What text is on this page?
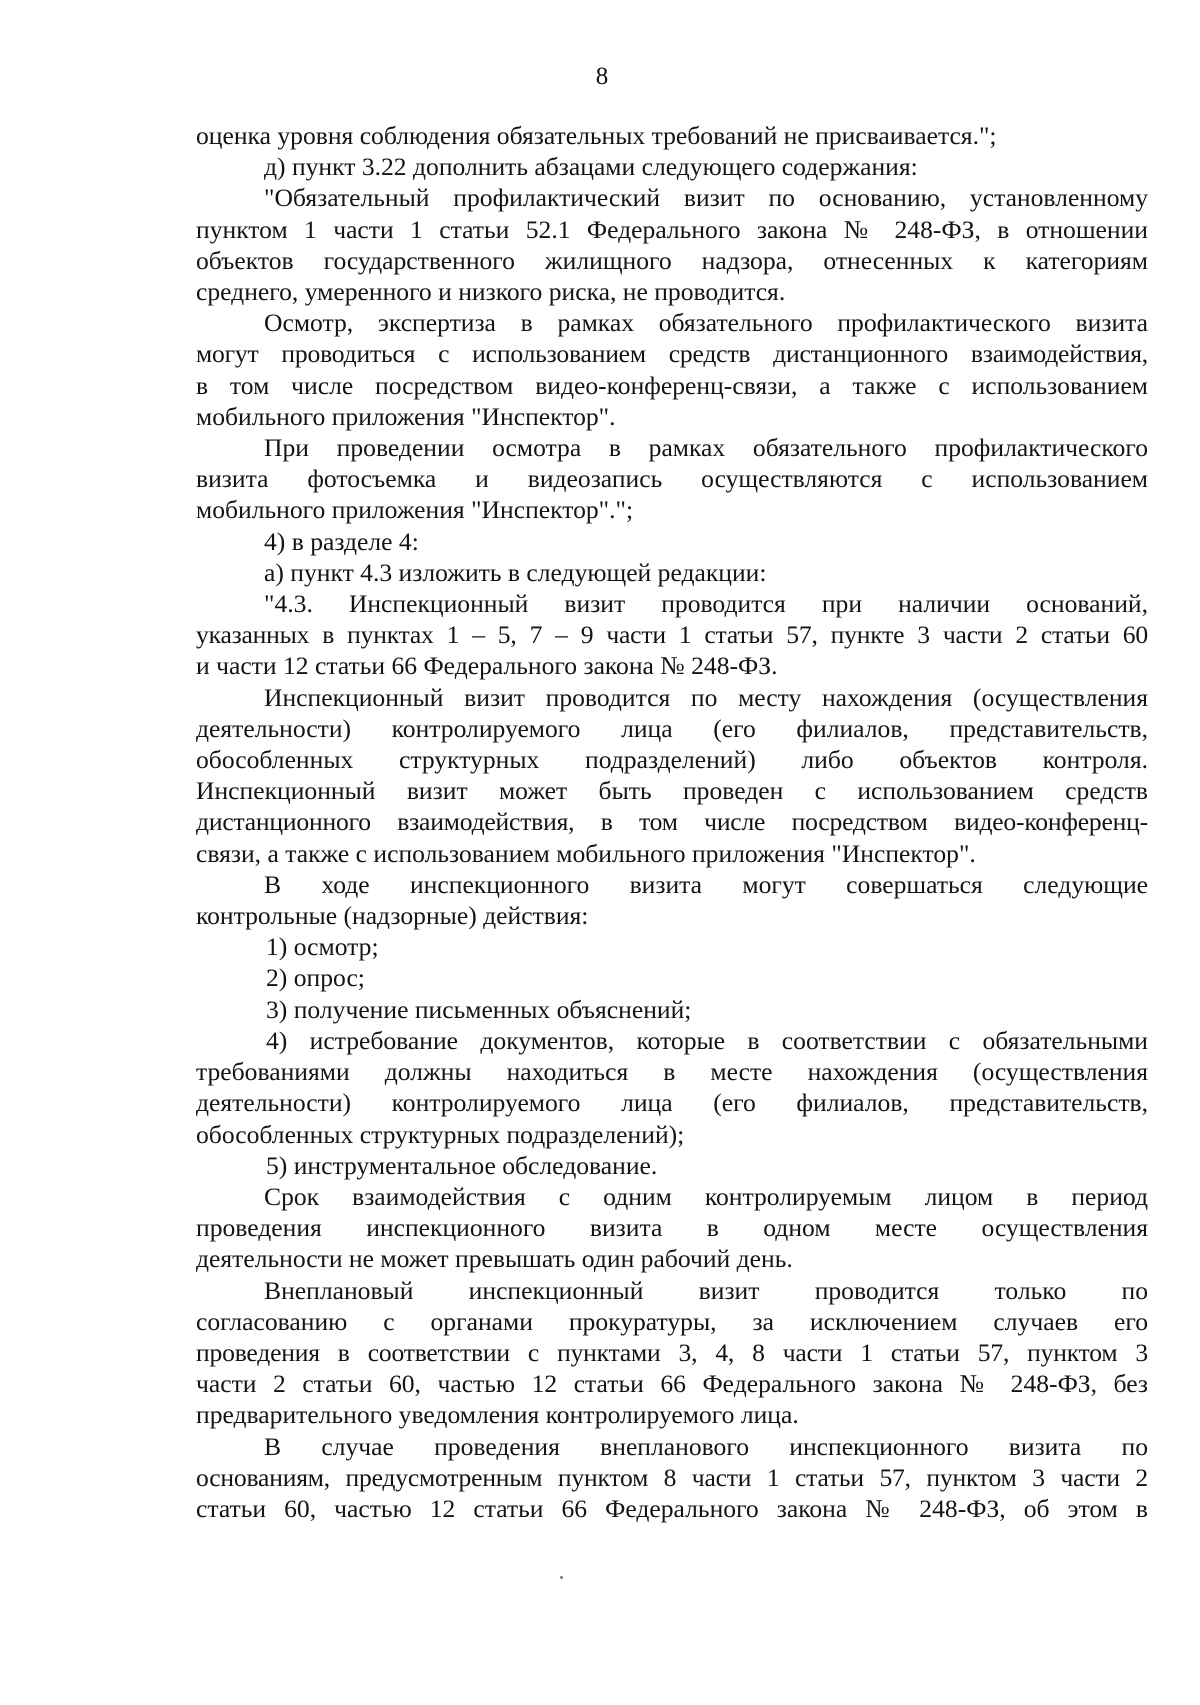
8
оценка уровня соблюдения обязательных требований не присваивается.";
д) пункт 3.22 дополнить абзацами следующего содержания:
"Обязательный профилактический визит по основанию, установленному
пунктом 1 части 1 статьи 52.1 Федерального закона № 248-ФЗ, в отношении
объектов государственного жилищного надзора, отнесенных к категориям
среднего, умеренного и низкого риска, не проводится.
Осмотр, экспертиза в рамках обязательного профилактического визита
могут проводиться с использованием средств дистанционного взаимодействия,
в том числе посредством видео-конференц-связи, а также с использованием
мобильного приложения "Инспектор".
При проведении осмотра в рамках обязательного профилактического
визита фотосъемка и видеозапись осуществляются с использованием
мобильного приложения "Инспектор".";
4) в разделе 4:
а) пункт 4.3 изложить в следующей редакции:
"4.3. Инспекционный визит проводится при наличии оснований,
указанных в пунктах 1 – 5, 7 – 9 части 1 статьи 57, пункте 3 части 2 статьи 60
и части 12 статьи 66 Федерального закона № 248-ФЗ.
Инспекционный визит проводится по месту нахождения (осуществления
деятельности) контролируемого лица (его филиалов, представительств,
обособленных структурных подразделений) либо объектов контроля.
Инспекционный визит может быть проведен с использованием средств
дистанционного взаимодействия, в том числе посредством видео-конференц-
связи, а также с использованием мобильного приложения "Инспектор".
В ходе инспекционного визита могут совершаться следующие
контрольные (надзорные) действия:
1) осмотр;
2) опрос;
3) получение письменных объяснений;
4) истребование документов, которые в соответствии с обязательными
требованиями должны находиться в месте нахождения (осуществления
деятельности) контролируемого лица (его филиалов, представительств,
обособленных структурных подразделений);
5) инструментальное обследование.
Срок взаимодействия с одним контролируемым лицом в период
проведения инспекционного визита в одном месте осуществления
деятельности не может превышать один рабочий день.
Внеплановый инспекционный визит проводится только по
согласованию с органами прокуратуры, за исключением случаев его
проведения в соответствии с пунктами 3, 4, 8 части 1 статьи 57, пунктом 3
части 2 статьи 60, частью 12 статьи 66 Федерального закона № 248-ФЗ, без
предварительного уведомления контролируемого лица.
В случае проведения внепланового инспекционного визита по
основаниям, предусмотренным пунктом 8 части 1 статьи 57, пунктом 3 части 2
статьи 60, частью 12 статьи 66 Федерального закона № 248-ФЗ, об этом в
